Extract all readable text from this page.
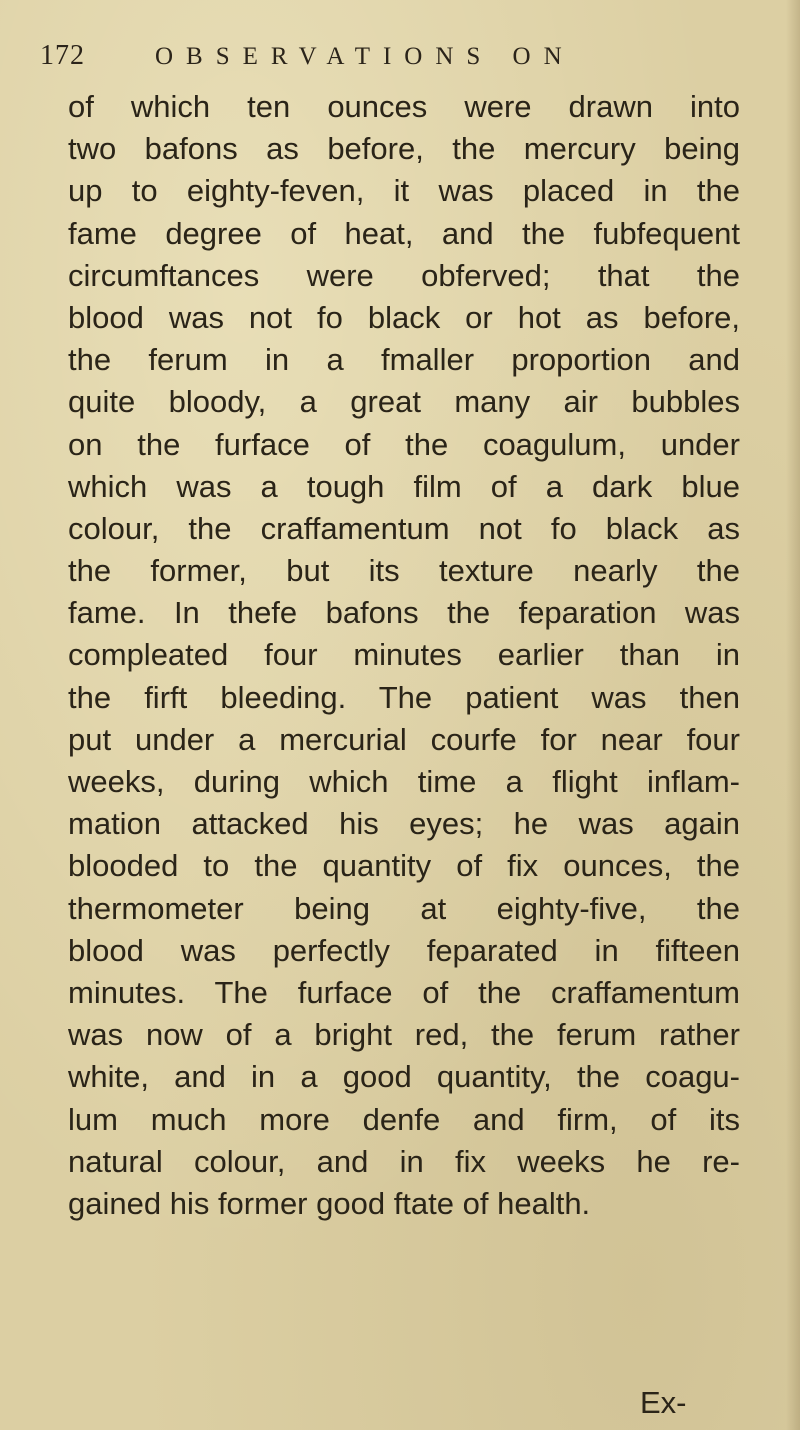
172	OBSERVATIONS ON
of which ten ounces were drawn into
two bafons as before, the mercury being
up to eighty-feven, it was placed in the
fame degree of heat, and the fubfequent
circumftances were obferved; that the
blood was not fo black or hot as before,
the ferum in a fmaller proportion and
quite bloody, a great many air bubbles
on the furface of the coagulum, under
which was a tough film of a dark blue
colour, the craffamentum not fo black as
the former, but its texture nearly the
fame. In thefe bafons the feparation was
compleated four minutes earlier than in
the firft bleeding. The patient was then
put under a mercurial courfe for near four
weeks, during which time a flight inflam-
mation attacked his eyes; he was again
blooded to the quantity of fix ounces, the
thermometer being at eighty-five, the
blood was perfectly feparated in fifteen
minutes. The furface of the craffamentum
was now of a bright red, the ferum rather
white, and in a good quantity, the coagu-
lum much more denfe and firm, of its
natural colour, and in fix weeks he re-
gained his former good ftate of health.
Ex-
